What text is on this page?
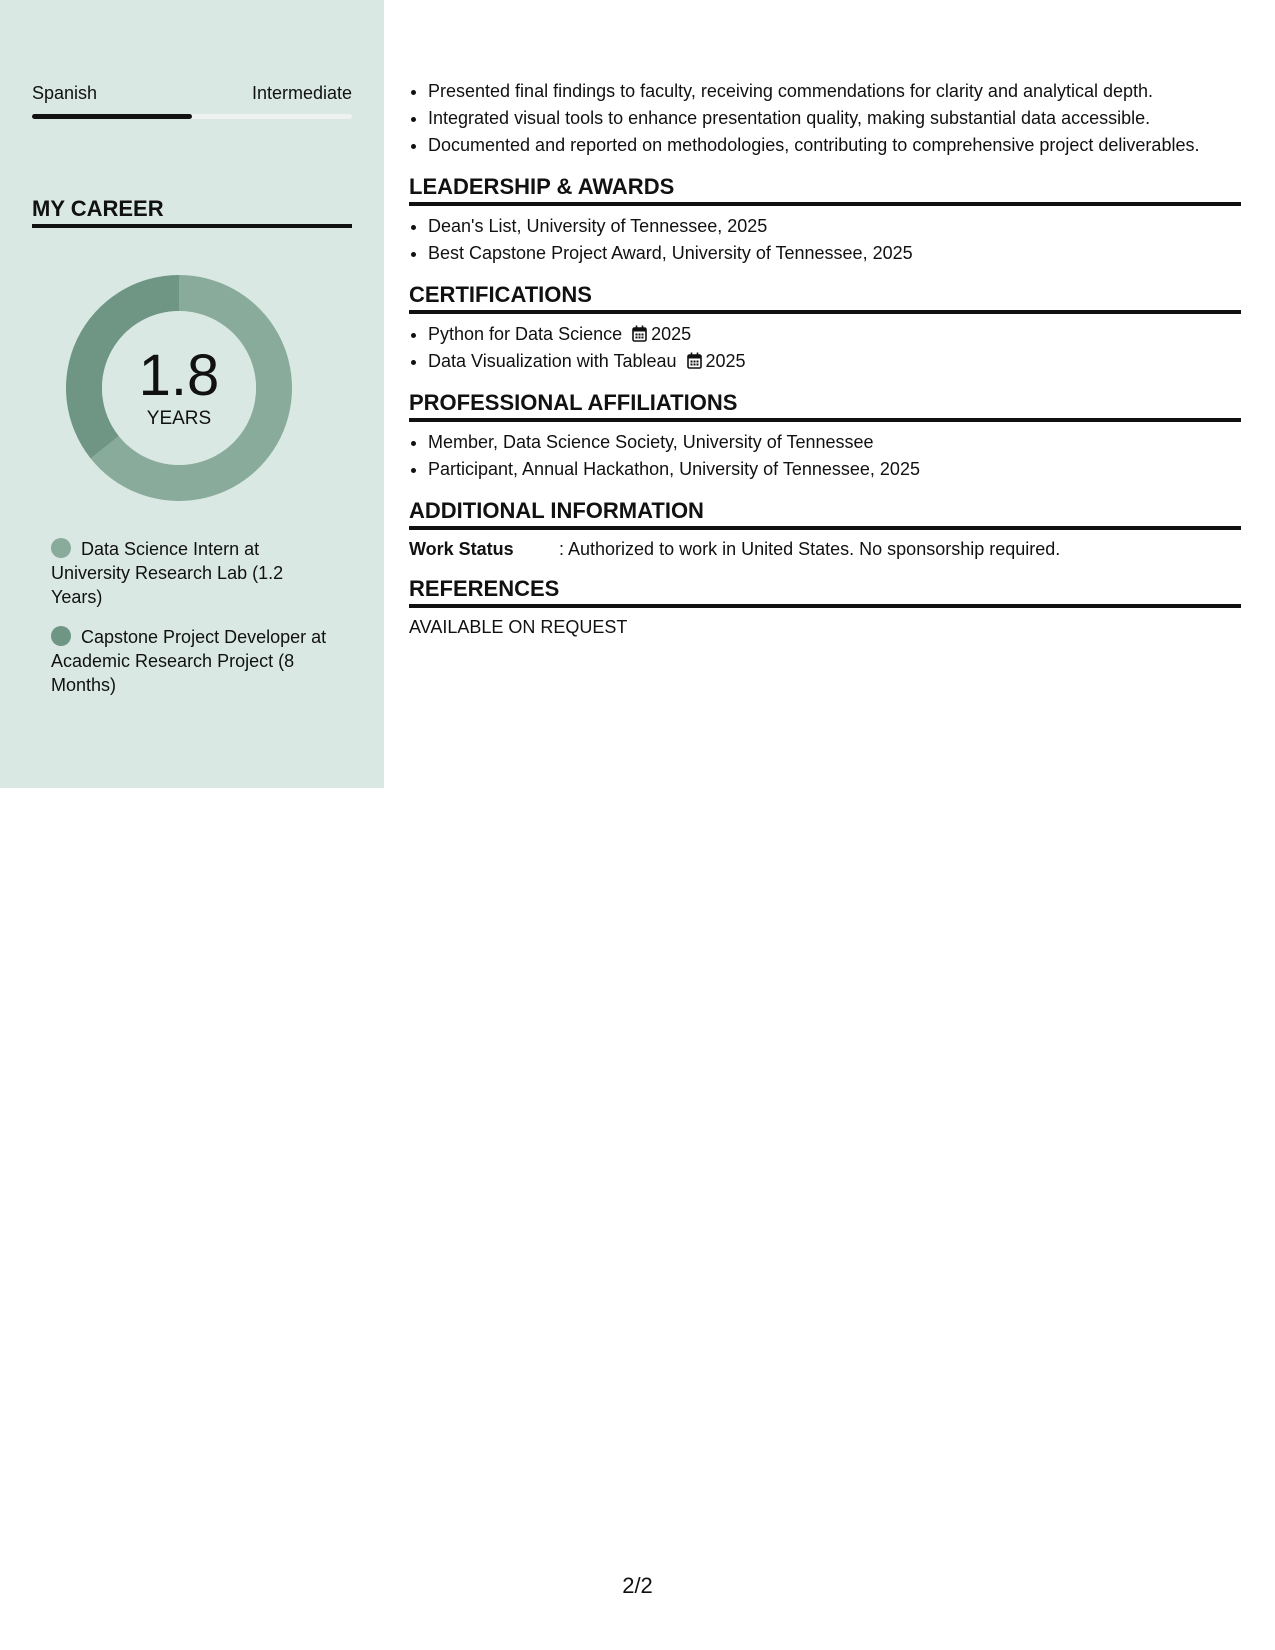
Spanish	Intermediate
MY CAREER
1.8
YEARS
Data Science Intern at University Research Lab (1.2 Years)
Capstone Project Developer at Academic Research Project (8 Months)
• Presented final findings to faculty, receiving commendations for clarity and analytical depth.
• Integrated visual tools to enhance presentation quality, making substantial data accessible.
• Documented and reported on methodologies, contributing to comprehensive project deliverables.
LEADERSHIP & AWARDS
• Dean's List, University of Tennessee, 2025
• Best Capstone Project Award, University of Tennessee, 2025
CERTIFICATIONS
• Python for Data Science 2025
• Data Visualization with Tableau 2025
PROFESSIONAL AFFILIATIONS
• Member, Data Science Society, University of Tennessee
• Participant, Annual Hackathon, University of Tennessee, 2025
ADDITIONAL INFORMATION
Work Status	: Authorized to work in United States. No sponsorship required.
REFERENCES
AVAILABLE ON REQUEST
2/2
